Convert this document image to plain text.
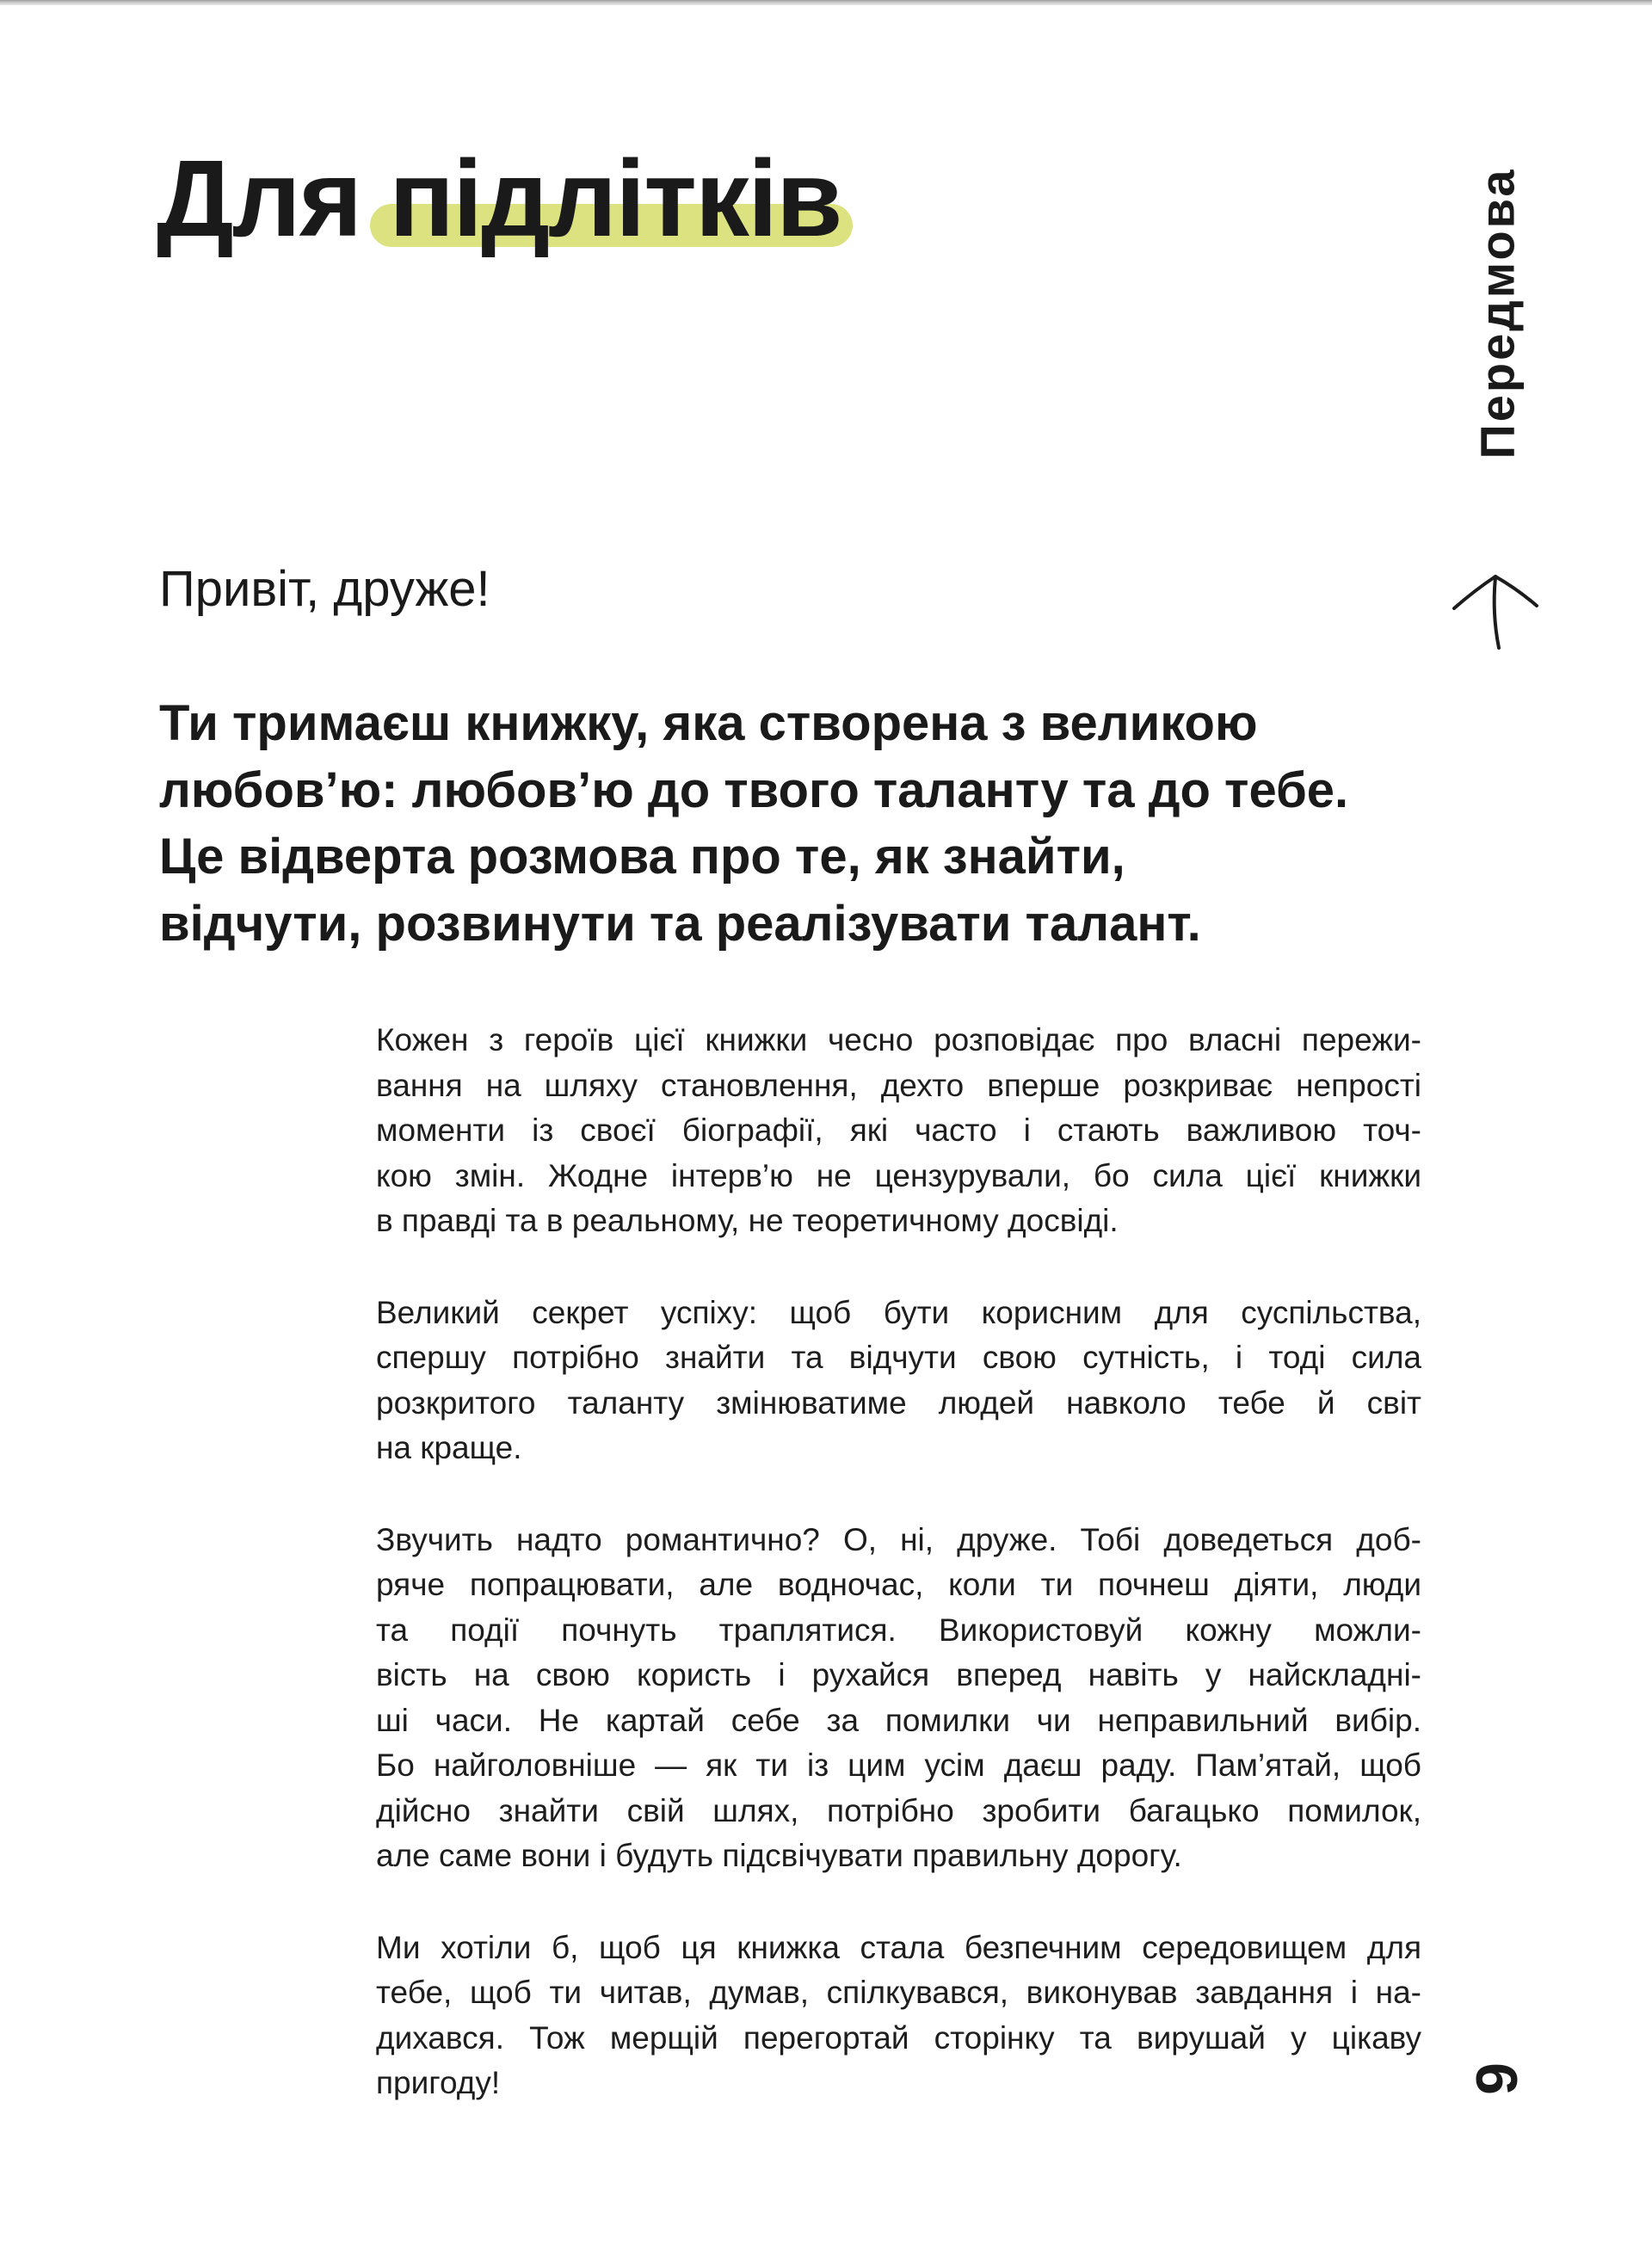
Для підлітків	Передмова

Привіт, друже!

Ти тримаєш книжку, яка створена з великою
любов’ю: любов’ю до твого таланту та до тебе.
Це відверта розмова про те, як знайти,
відчути, розвинути та реалізувати талант.

Кожен з героїв цієї книжки чесно розповідає про власні пережи-
вання на шляху становлення, дехто вперше розкриває непрості
моменти із своєї біографії, які часто і стають важливою точ-
кою змін. Жодне інтерв’ю не цензурували, бо сила цієї книжки
в правді та в реальному, не теоретичному досвіді.

Великий секрет успіху: щоб бути корисним для суспільства,
спершу потрібно знайти та відчути свою сутність, і тоді сила
розкритого таланту змінюватиме людей навколо тебе й світ
на краще.

Звучить надто романтично? О, ні, друже. Тобі доведеться доб-
ряче попрацювати, але водночас, коли ти почнеш діяти, люди
та події почнуть траплятися. Використовуй кожну можли-
вість на свою користь і рухайся вперед навіть у найскладні-
ші часи. Не картай себе за помилки чи неправильний вибір.
Бо найголовніше — як ти із цим усім даєш раду. Пам’ятай, щоб
дійсно знайти свій шлях, потрібно зробити багацько помилок,
але саме вони і будуть підсвічувати правильну дорогу.

Ми хотіли б, щоб ця книжка стала безпечним середовищем для
тебе, щоб ти читав, думав, спілкувався, виконував завдання і на-
дихався. Тож мерщій перегортай сторінку та вирушай у цікаву
пригоду!	9
